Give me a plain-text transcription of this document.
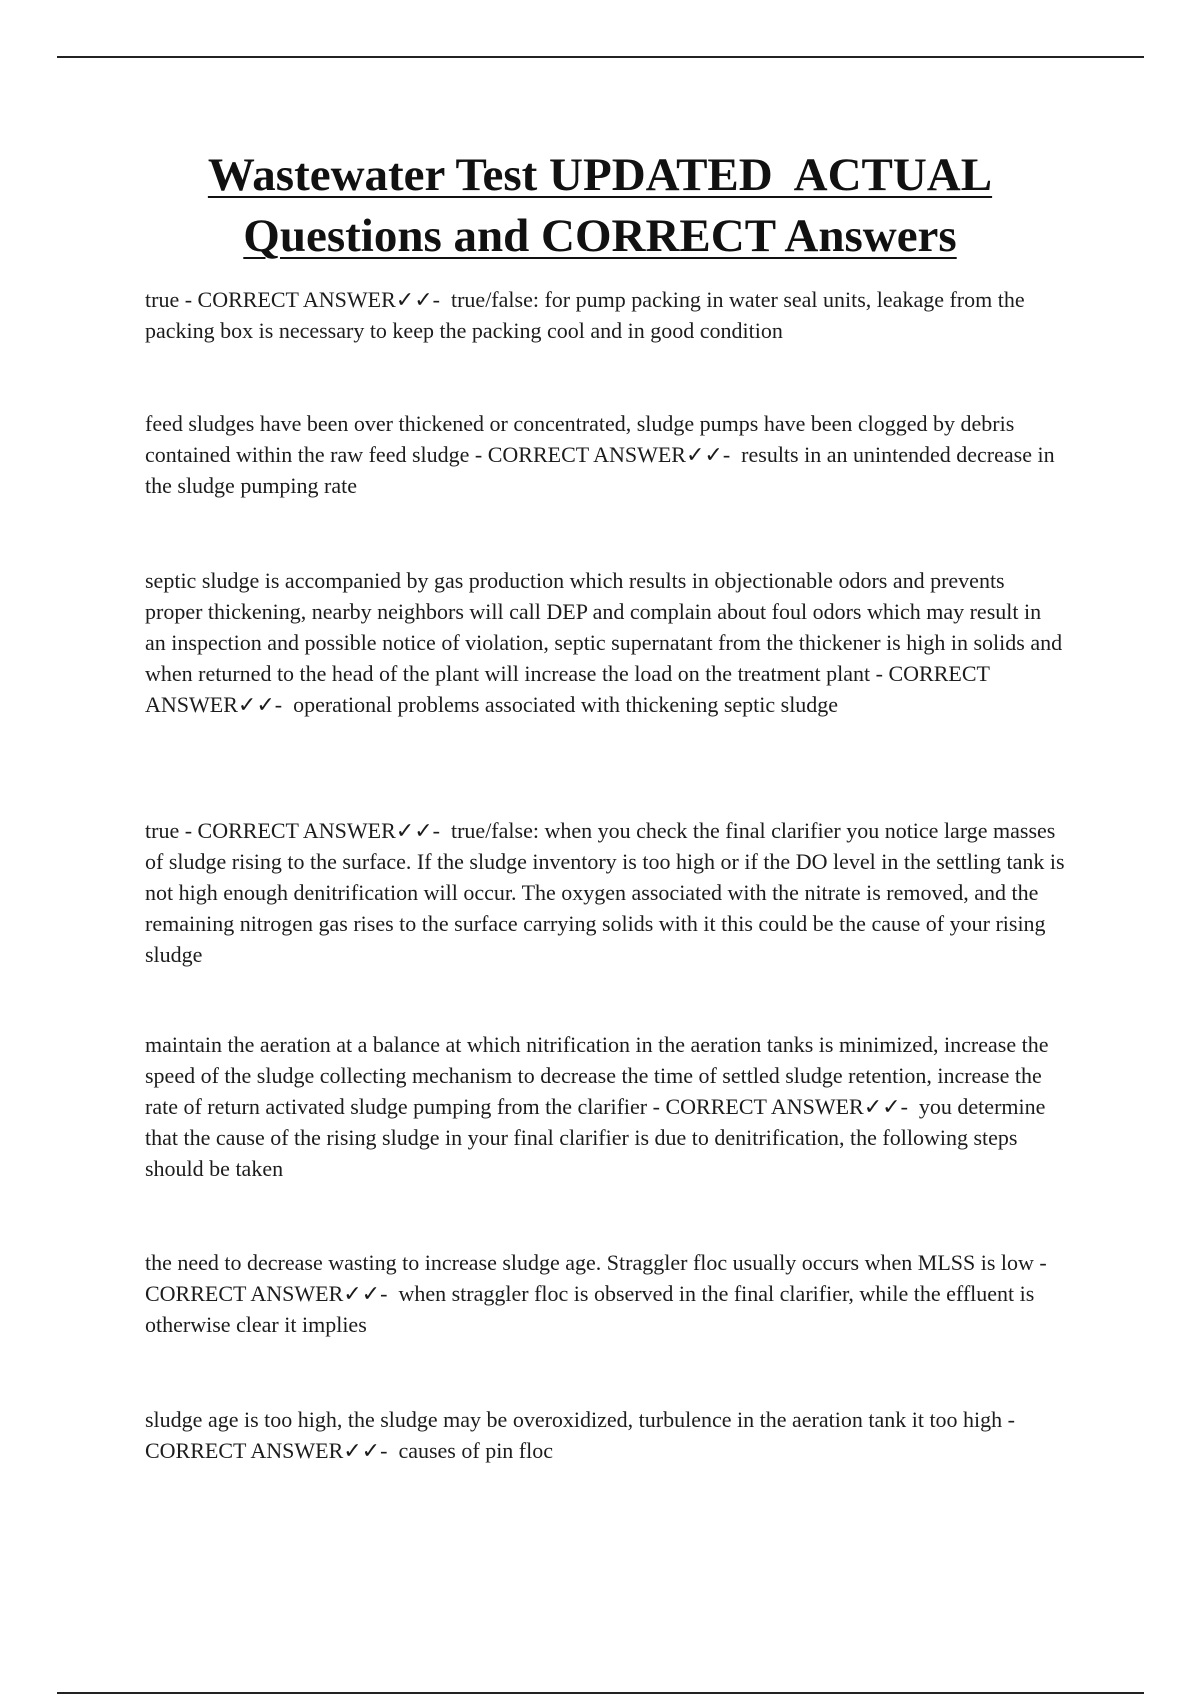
Wastewater Test UPDATED  ACTUAL
Questions and CORRECT Answers

true - CORRECT ANSWER✓✓-  true/false: for pump packing in water seal units, leakage from the packing box is necessary to keep the packing cool and in good condition

feed sludges have been over thickened or concentrated, sludge pumps have been clogged by debris contained within the raw feed sludge - CORRECT ANSWER✓✓-  results in an unintended decrease in the sludge pumping rate

septic sludge is accompanied by gas production which results in objectionable odors and prevents proper thickening, nearby neighbors will call DEP and complain about foul odors which may result in an inspection and possible notice of violation, septic supernatant from the thickener is high in solids and when returned to the head of the plant will increase the load on the treatment plant - CORRECT ANSWER✓✓-  operational problems associated with thickening septic sludge

true - CORRECT ANSWER✓✓-  true/false: when you check the final clarifier you notice large masses of sludge rising to the surface. If the sludge inventory is too high or if the DO level in the settling tank is not high enough denitrification will occur. The oxygen associated with the nitrate is removed, and the remaining nitrogen gas rises to the surface carrying solids with it this could be the cause of your rising sludge

maintain the aeration at a balance at which nitrification in the aeration tanks is minimized, increase the speed of the sludge collecting mechanism to decrease the time of settled sludge retention, increase the rate of return activated sludge pumping from the clarifier - CORRECT ANSWER✓✓-  you determine that the cause of the rising sludge in your final clarifier is due to denitrification, the following steps should be taken

the need to decrease wasting to increase sludge age. Straggler floc usually occurs when MLSS is low - CORRECT ANSWER✓✓-  when straggler floc is observed in the final clarifier, while the effluent is otherwise clear it implies

sludge age is too high, the sludge may be overoxidized, turbulence in the aeration tank it too high - CORRECT ANSWER✓✓-  causes of pin floc
